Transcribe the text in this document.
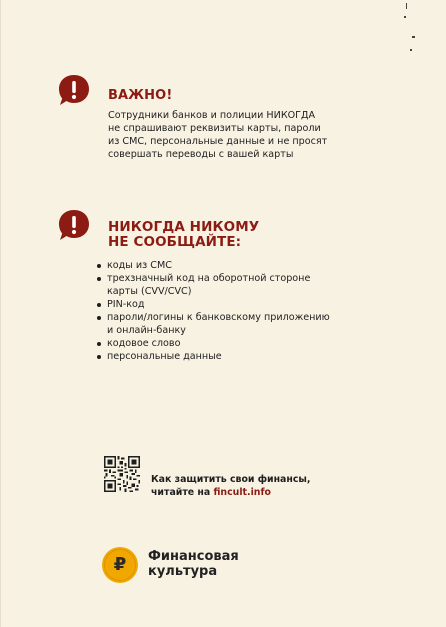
ВАЖНО!
Сотрудники банков и полиции НИКОГДА
не спрашивают реквизиты карты, пароли
из СМС, персональные данные и не просят
совершать переводы с вашей карты
НИКОГДА НИКОМУ
НЕ СООБЩАЙТЕ:
коды из СМС
трехзначный код на оборотной стороне
карты (CVV/CVC)
PIN-код
пароли/логины к банковскому приложению
и онлайн-банку
кодовое слово
персональные данные
Как защитить свои финансы,
читайте на fincult.info
₽	Финансовая
культура
